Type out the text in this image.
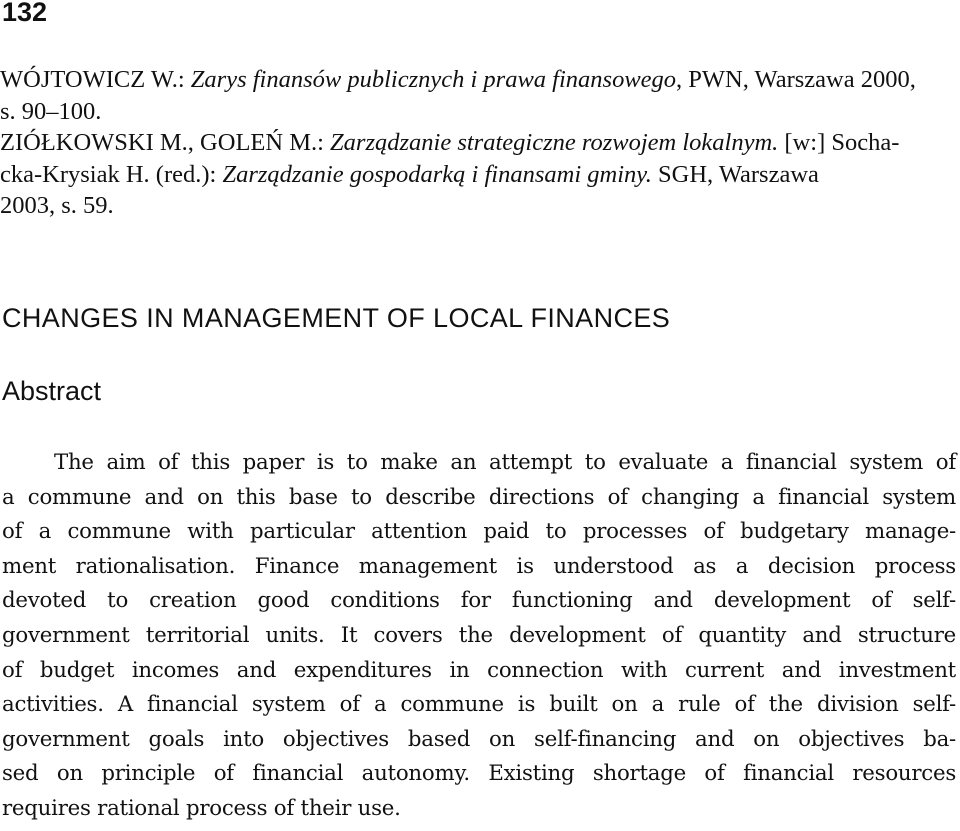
132

WÓJTOWICZ W.: Zarys finansów publicznych i prawa finansowego, PWN, Warszawa 2000,
s. 90–100.

ZIÓŁKOWSKI M., GOLEŃ M.: Zarządzanie strategiczne rozwojem lokalnym. [w:] Socha-
cka-Krysiak H. (red.): Zarządzanie gospodarką i finansami gminy. SGH, Warszawa
2003, s. 59.

CHANGES IN MANAGEMENT OF LOCAL FINANCES
Abstract

The aim of this paper is to make an attempt to evaluate a financial system of
a commune and on this base to describe directions of changing a financial system
of a commune with particular attention paid to processes of budgetary manage-
ment rationalisation. Finance management is understood as a decision process
devoted to creation good conditions for functioning and development of self-
government territorial units. It covers the development of quantity and structure
of budget incomes and expenditures in connection with current and investment
activities. A financial system of a commune is built on a rule of the division self-
government goals into objectives based on self-financing and on objectives ba-
sed on principle of financial autonomy. Existing shortage of financial resources
requires rational process of their use.
